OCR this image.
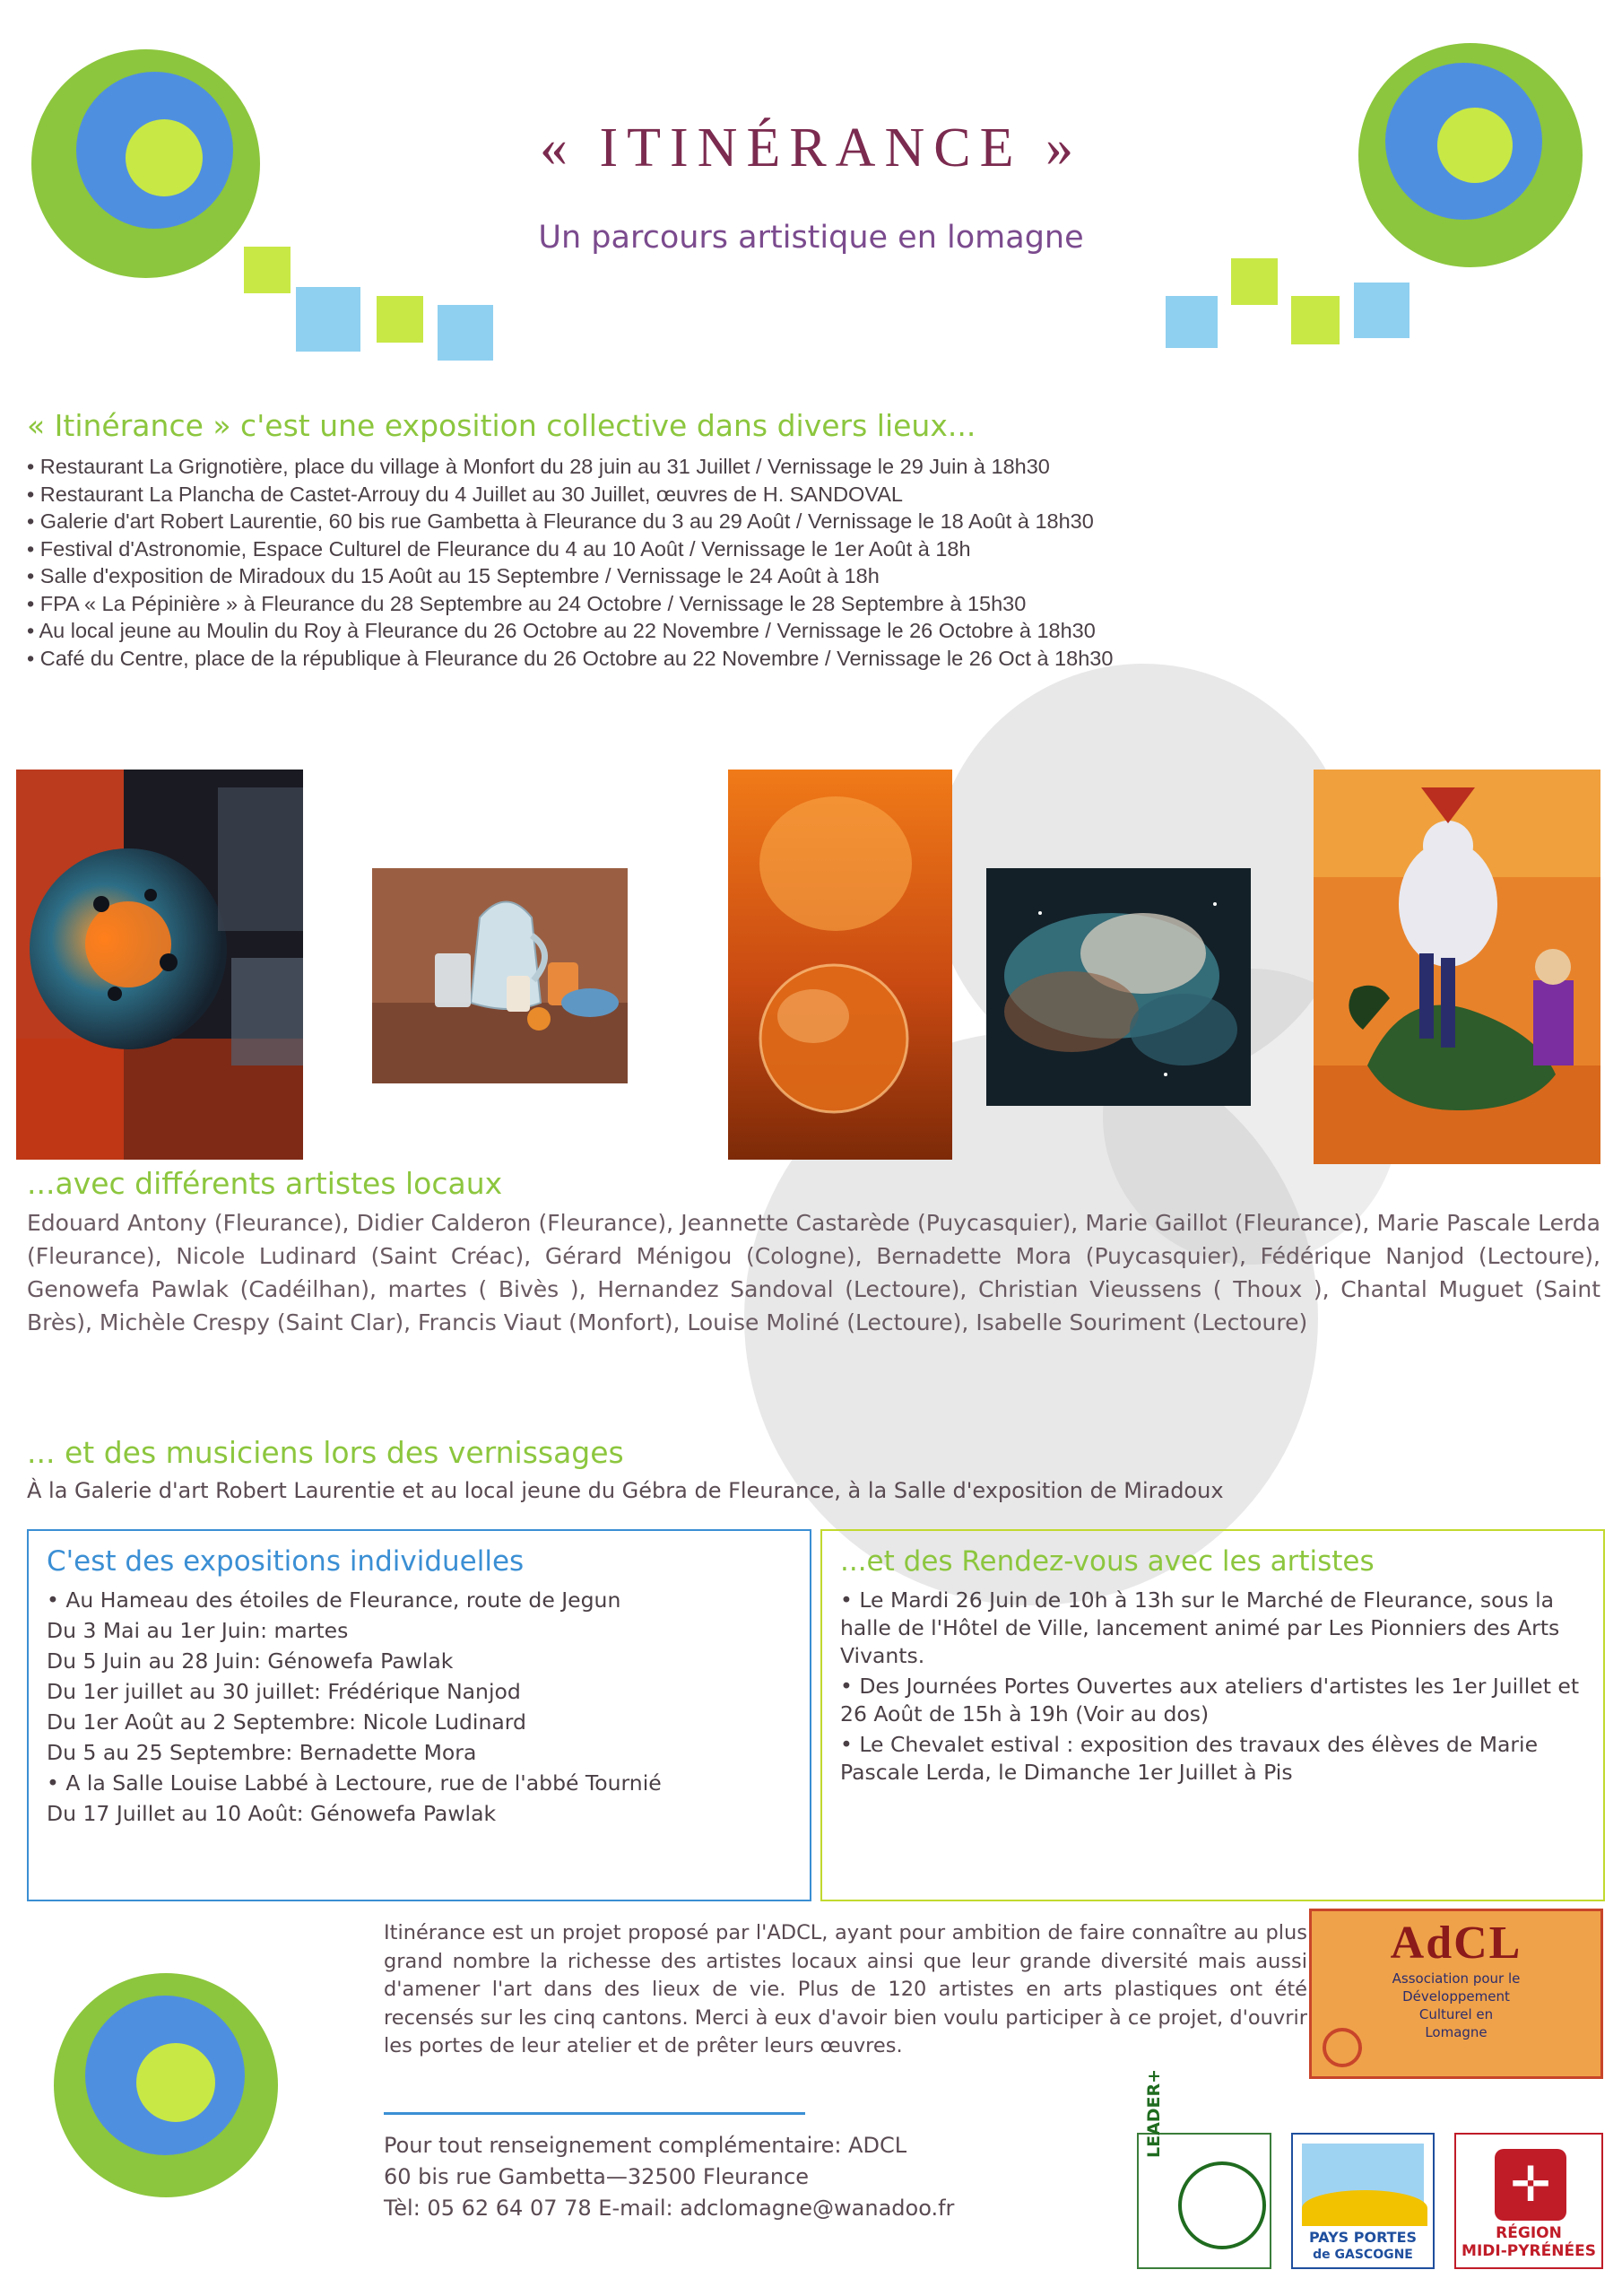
« ITINÉRANCE »
Un parcours artistique en lomagne
« Itinérance » c'est une exposition collective dans divers lieux...
• Restaurant La Grignotière, place du village à Monfort du 28 juin au 31 Juillet / Vernissage le 29 Juin à 18h30
• Restaurant La Plancha de Castet-Arrouy du 4 Juillet au 30 Juillet, œuvres de H. SANDOVAL
• Galerie d'art Robert Laurentie, 60 bis rue Gambetta à Fleurance du 3 au 29 Août / Vernissage le 18 Août à 18h30
• Festival d'Astronomie, Espace Culturel de Fleurance du 4 au 10 Août / Vernissage le 1er Août à 18h
• Salle d'exposition de Miradoux du 15 Août au 15 Septembre / Vernissage le 24 Août à 18h
• FPA « La Pépinière » à Fleurance du 28 Septembre au 24 Octobre / Vernissage le 28 Septembre à 15h30
• Au local jeune au Moulin du Roy à Fleurance du 26 Octobre au 22 Novembre / Vernissage le 26 Octobre à 18h30
• Café du Centre, place de la république à Fleurance du 26 Octobre au 22 Novembre / Vernissage le 26 Oct à 18h30
...avec différents artistes locaux
Edouard Antony (Fleurance), Didier Calderon (Fleurance), Jeannette Castarède (Puycasquier), Marie Gaillot (Fleurance), Marie Pascale Lerda (Fleurance), Nicole Ludinard (Saint Créac), Gérard Ménigou (Cologne), Bernadette Mora (Puycasquier), Fédérique Nanjod (Lectoure), Genowefa Pawlak (Cadéilhan), martes ( Bivès ), Hernandez Sandoval (Lectoure), Christian Vieussens ( Thoux ), Chantal Muguet (Saint Brès), Michèle Crespy (Saint Clar), Francis Viaut (Monfort), Louise Moliné (Lectoure), Isabelle Souriment (Lectoure)
... et des musiciens lors des vernissages
À la Galerie d'art Robert Laurentie et au local jeune du Gébra de Fleurance, à la Salle d'exposition de Miradoux
C'est des expositions individuelles

• Au Hameau des étoiles de Fleurance, route de Jegun

Du 3 Mai au 1er Juin: martes

Du 5 Juin au 28 Juin: Génowefa Pawlak

Du 1er juillet au 30 juillet: Frédérique Nanjod

Du 1er Août au 2 Septembre: Nicole Ludinard

Du 5 au 25 Septembre: Bernadette Mora

• A la Salle Louise Labbé à Lectoure, rue de l'abbé Tournié

Du 17 Juillet au 10 Août: Génowefa Pawlak

...et des Rendez-vous avec les artistes

• Le Mardi 26 Juin de 10h à 13h sur le Marché de Fleurance, sous la halle de l'Hôtel de Ville, lancement animé par Les Pionniers des Arts Vivants.

• Des Journées Portes Ouvertes aux ateliers d'artistes les 1er Juillet et 26 Août de 15h à 19h (Voir au dos)

• Le Chevalet estival : exposition des travaux des élèves de Marie Pascale Lerda, le Dimanche 1er Juillet à Pis

Itinérance est un projet proposé par l'ADCL, ayant pour ambition de faire connaître au plus grand nombre la richesse des artistes locaux ainsi que leur grande diversité mais aussi d'amener l'art dans des lieux de vie. Plus de 120 artistes en arts plastiques ont été recensés sur les cinq cantons. Merci à eux d'avoir bien voulu participer à ce projet, d'ouvrir les portes de leur atelier et de prêter leurs œuvres.
Pour tout renseignement complémentaire: ADCL
60 bis rue Gambetta—32500 Fleurance
Tèl: 05 62 64 07 78 E-mail: adclomagne@wanadoo.fr
AdCL
Association pour le
Développement
Culturel en
Lomagne
LEADER+
PAYS PORTES
de GASCOGNE
✛
RÉGION
MIDI-PYRÉNÉES
